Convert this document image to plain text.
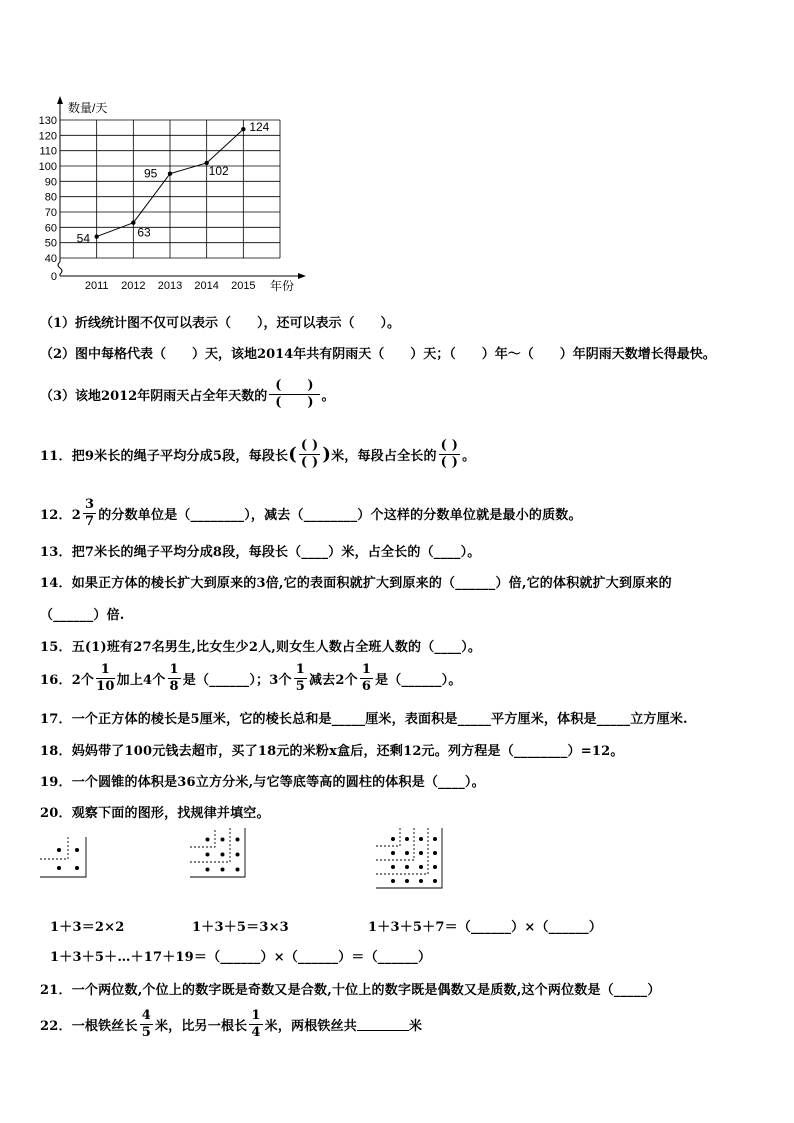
0
40
50
60
70
80
90
100
110
120
130
2011 2012 2013 2014 2015
54	63
95	102
124
数量/天
年份
（1）折线统计图不仅可以表示（　　），还可以表示（　　）。
（2）图中每格代表（　　）天，该地2014年共有阴雨天（　　）天；（　　）年～（　　）年阴雨天数增长得最快。
（3）该地2012年阴雨天占全年天数的 $\frac{( )}{( )}$ 。
11．把9米长的绳子平均分成5段，每段长 ( $\frac{( )}{( )}$ ) 米，每段占全长的 $\frac{( )}{( )}$ 。
12．$2 \frac{3}{7}$ 的分数单位是（________），减去（________）个这样的分数单位就是最小的质数。
13．把7米长的绳子平均分成8段，每段长（____）米，占全长的（____）。
14．如果正方体的棱长扩大到原来的3倍,它的表面积就扩大到原来的（______）倍,它的体积就扩大到原来的
（______）倍.
15．五(1)班有27名男生,比女生少2人,则女生人数占全班人数的（____）。
16．2个 $\frac{1}{10}$ 加上4个 $\frac{1}{8}$ 是（______）；3个 $\frac{1}{5}$ 减去2个 $\frac{1}{6}$ 是（______）。
17．一个正方体的棱长是5厘米，它的棱长总和是_____厘米，表面积是_____平方厘米，体积是_____立方厘米.
18．妈妈带了100元钱去超市，买了18元的米粉x盒后，还剩12元。列方程是（________）=12。
19．一个圆锥的体积是36立方分米,与它等底等高的圆柱的体积是（____）。
20．观察下面的图形，找规律并填空。
1＋3＝2×2	1＋3＋5＝3×3	1＋3＋5＋7＝（______）×（______）
1＋3＋5＋…＋17＋19＝（______）×（______）＝（______）
21．一个两位数,个位上的数字既是奇数又是合数,十位上的数字既是偶数又是质数,这个两位数是（_____）
22．一根铁丝长 $\frac{4}{5}$ 米，比另一根长 $\frac{1}{4}$ 米，两根铁丝共	米
